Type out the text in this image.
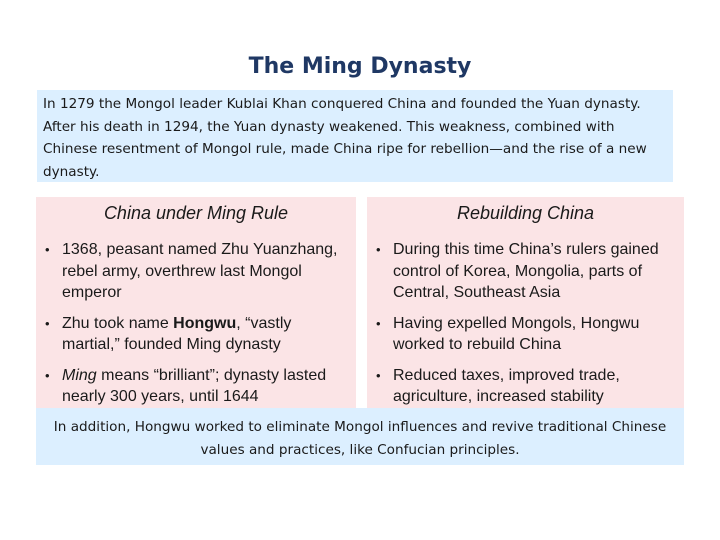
The Ming Dynasty
In 1279 the Mongol leader Kublai Khan conquered China and founded the Yuan dynasty. After his death in 1294, the Yuan dynasty weakened. This weakness, combined with Chinese resentment of Mongol rule, made China ripe for rebellion—and the rise of a new dynasty.
China under Ming Rule
• 1368, peasant named Zhu Yuanzhang, rebel army, overthrew last Mongol emperor
• Zhu took name Hongwu, “vastly martial,” founded Ming dynasty
• Ming means “brilliant”; dynasty lasted nearly 300 years, until 1644
Rebuilding China
• During this time China’s rulers gained control of Korea, Mongolia, parts of Central, Southeast Asia
• Having expelled Mongols, Hongwu worked to rebuild China
• Reduced taxes, improved trade, agriculture, increased stability
In addition, Hongwu worked to eliminate Mongol influences and revive traditional Chinese values and practices, like Confucian principles.
